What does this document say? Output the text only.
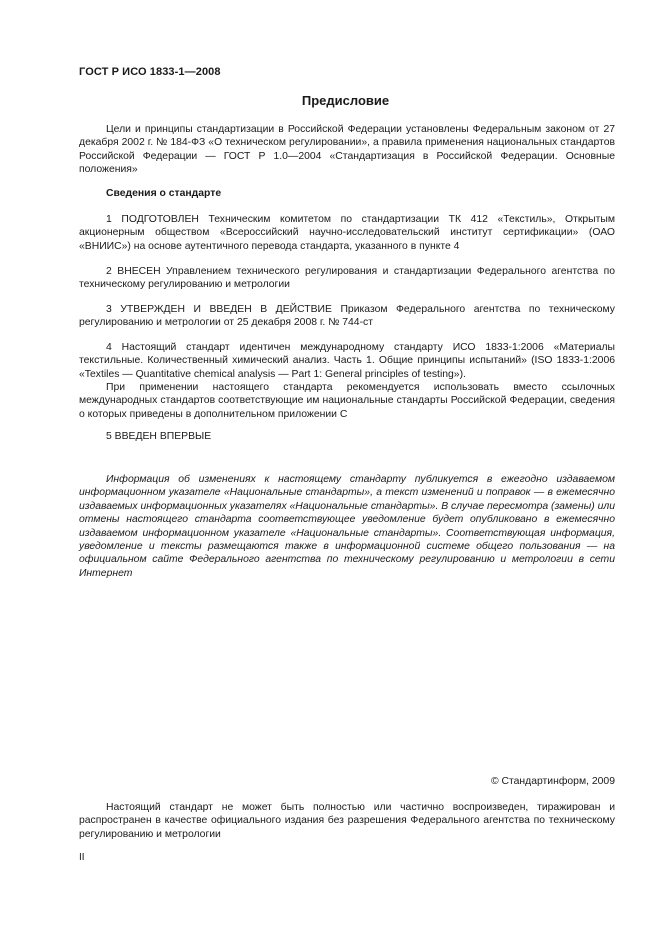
ГОСТ Р ИСО 1833-1—2008
Предисловие

Цели и принципы стандартизации в Российской Федерации установлены Федеральным законом от 27 декабря 2002 г. № 184-ФЗ «О техническом регулировании», а правила применения национальных стандартов Российской Федерации — ГОСТ Р 1.0—2004 «Стандартизация в Российской Федерации. Основные положения»

Сведения о стандарте

1 ПОДГОТОВЛЕН Техническим комитетом по стандартизации ТК 412 «Текстиль», Открытым акционерным обществом «Всероссийский научно-исследовательский институт сертификации» (ОАО «ВНИИС») на основе аутентичного перевода стандарта, указанного в пункте 4

2 ВНЕСЕН Управлением технического регулирования и стандартизации Федерального агентства по техническому регулированию и метрологии

3 УТВЕРЖДЕН И ВВЕДЕН В ДЕЙСТВИЕ Приказом Федерального агентства по техническому регулированию и метрологии от 25 декабря 2008 г. № 744-ст

4 Настоящий стандарт идентичен международному стандарту ИСО 1833-1:2006 «Материалы текстильные. Количественный химический анализ. Часть 1. Общие принципы испытаний» (ISO 1833-1:2006 «Textiles — Quantitative chemical analysis — Part 1: General principles of testing»).

При применении настоящего стандарта рекомендуется использовать вместо ссылочных международных стандартов соответствующие им национальные стандарты Российской Федерации, сведения о которых приведены в дополнительном приложении С

5 ВВЕДЕН ВПЕРВЫЕ

Информация об изменениях к настоящему стандарту публикуется в ежегодно издаваемом информационном указателе «Национальные стандарты», а текст изменений и поправок — в ежемесячно издаваемых информационных указателях «Национальные стандарты». В случае пересмотра (замены) или отмены настоящего стандарта соответствующее уведомление будет опубликовано в ежемесячно издаваемом информационном указателе «Национальные стандарты». Соответствующая информация, уведомление и тексты размещаются также в информационной системе общего пользования — на официальном сайте Федерального агентства по техническому регулированию и метрологии в сети Интернет

© Стандартинформ, 2009

Настоящий стандарт не может быть полностью или частично воспроизведен, тиражирован и распространен в качестве официального издания без разрешения Федерального агентства по техническому регулированию и метрологии

II
